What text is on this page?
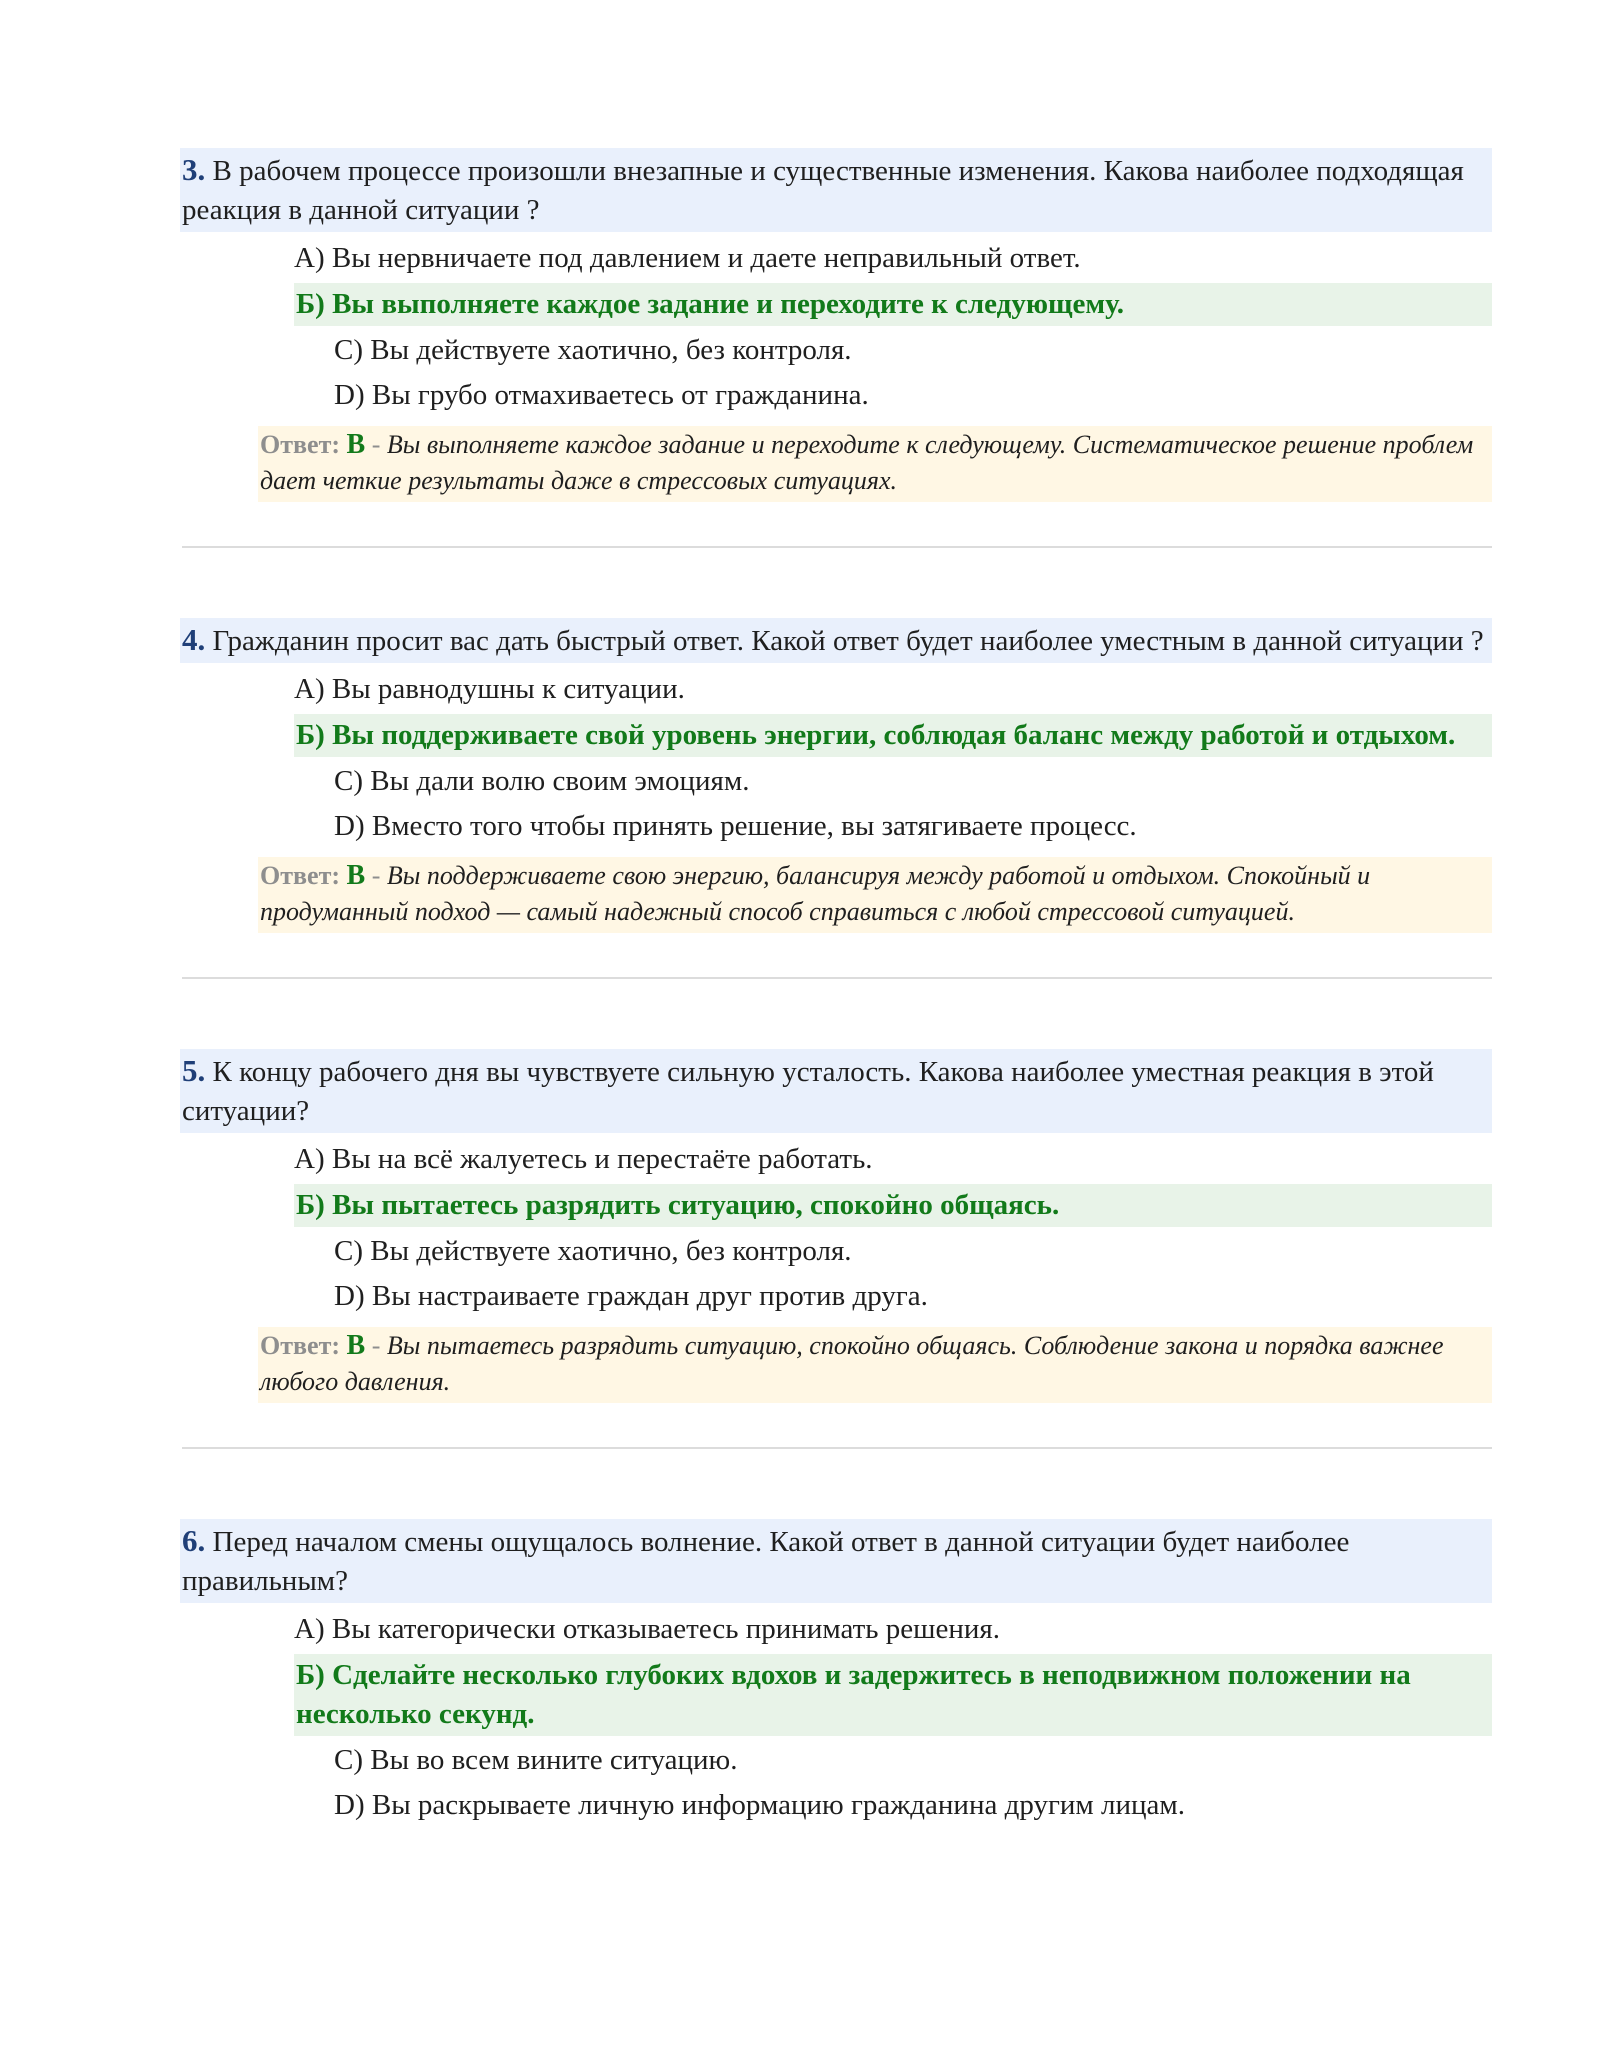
3. В рабочем процессе произошли внезапные и существенные изменения. Какова наиболее подходящая реакция в данной ситуации ?
A) Вы нервничаете под давлением и даете неправильный ответ.
Б) Вы выполняете каждое задание и переходите к следующему.
C) Вы действуете хаотично, без контроля.
D) Вы грубо отмахиваетесь от гражданина.
Ответ: B - Вы выполняете каждое задание и переходите к следующему. Систематическое решение проблем дает четкие результаты даже в стрессовых ситуациях.
4. Гражданин просит вас дать быстрый ответ. Какой ответ будет наиболее уместным в данной ситуации ?
A) Вы равнодушны к ситуации.
Б) Вы поддерживаете свой уровень энергии, соблюдая баланс между работой и отдыхом.
C) Вы дали волю своим эмоциям.
D) Вместо того чтобы принять решение, вы затягиваете процесс.
Ответ: B - Вы поддерживаете свою энергию, балансируя между работой и отдыхом. Спокойный и продуманный подход — самый надежный способ справиться с любой стрессовой ситуацией.
5. К концу рабочего дня вы чувствуете сильную усталость. Какова наиболее уместная реакция в этой ситуации?
A) Вы на всё жалуетесь и перестаёте работать.
Б) Вы пытаетесь разрядить ситуацию, спокойно общаясь.
C) Вы действуете хаотично, без контроля.
D) Вы настраиваете граждан друг против друга.
Ответ: B - Вы пытаетесь разрядить ситуацию, спокойно общаясь. Соблюдение закона и порядка важнее любого давления.
6. Перед началом смены ощущалось волнение. Какой ответ в данной ситуации будет наиболее правильным?
A) Вы категорически отказываетесь принимать решения.
Б) Сделайте несколько глубоких вдохов и задержитесь в неподвижном положении на несколько секунд.
C) Вы во всем вините ситуацию.
D) Вы раскрываете личную информацию гражданина другим лицам.
